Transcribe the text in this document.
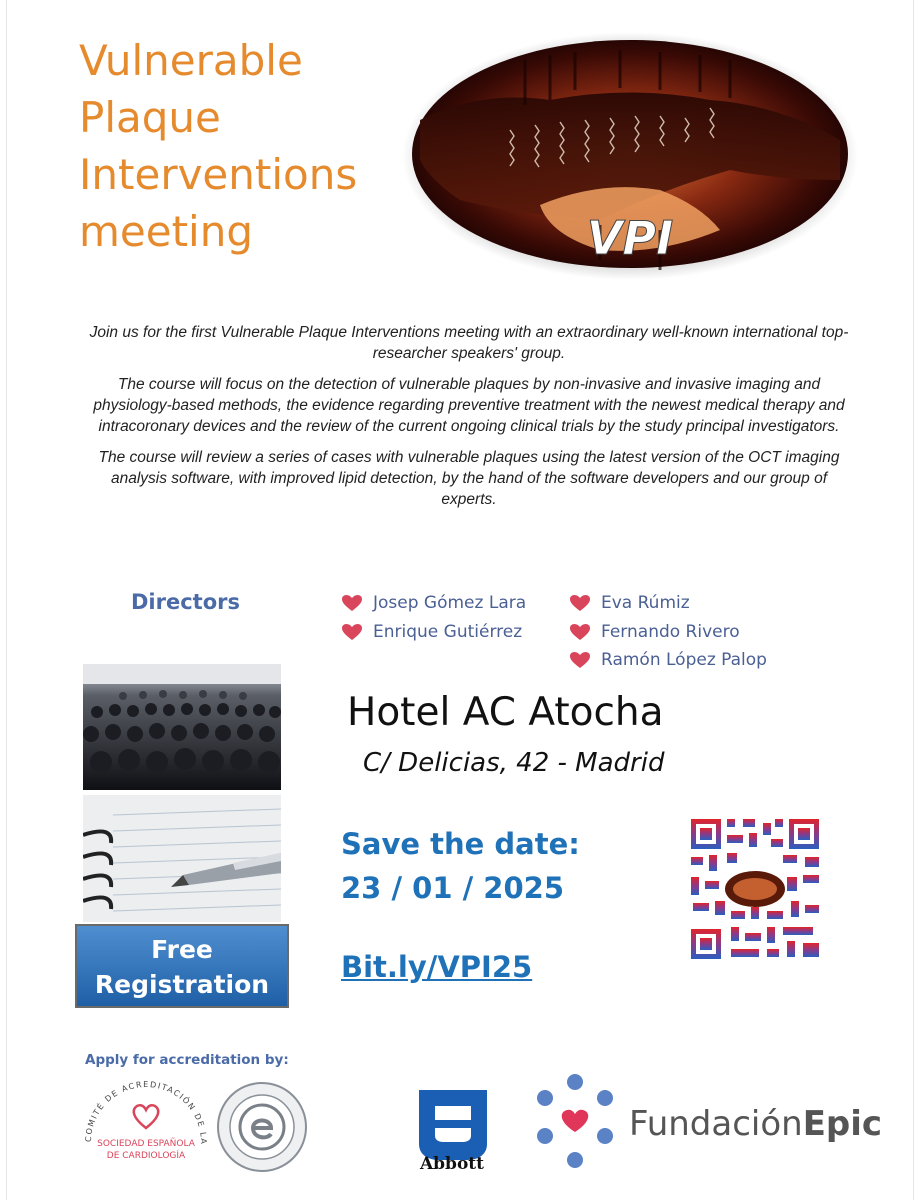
Vulnerable
Plaque
Interventions
meeting	VPI

Join us for the first Vulnerable Plaque Interventions meeting with an extraordinary well-known international top-researcher speakers' group.

The course will focus on the detection of vulnerable plaques by non-invasive and invasive imaging and physiology-based methods, the evidence regarding preventive treatment with the newest medical therapy and intracoronary devices and the review of the current ongoing clinical trials by the study principal investigators.

The course will review a series of cases with vulnerable plaques using the latest version of the OCT imaging analysis software, with improved lipid detection, by the hand of the software developers and our group of experts.

Directors	Josep Gómez Lara
Enrique Gutiérrez
Eva Rúmiz
Fernando Rivero
Ramón López Palop
Free
Registration
Hotel AC Atocha
C/ Delicias, 42 - Madrid
Save the date:
23 / 01 / 2025
Bit.ly/VPI25
Apply for accreditation by:
COMITÉ DE ACREDITACIÓN DE LA
SOCIEDAD ESPAÑOLA
DE CARDIOLOGÍA	Abbott
FundaciónEpic
